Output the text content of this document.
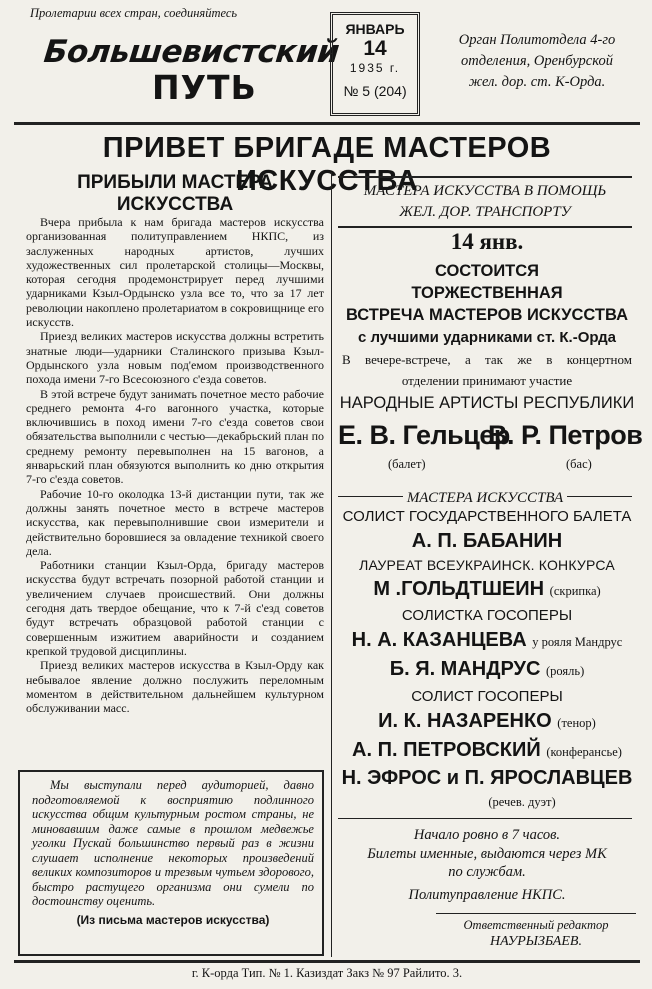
Пролетарии всех стран, соединяйтесь
Большевистский
ПУТЬ
ЯНВАРЬ
14
1935 г.
№ 5 (204)
Орган Политотдела 4-го
отделения, Оренбурской
жел. дор. ст. К-Орда.
ПРИВЕТ БРИГАДЕ МАСТЕРОВ ИСКУССТВА
ПРИБЫЛИ МАСТЕРА ИСКУССТВА

Вчера прибыла к нам бригада мастеров искусства организованная политуправлением НКПС, из заслуженных народных артистов, лучших художественных сил пролетарской столицы—Москвы, которая сегодня продемонстрирует перед лучшими ударниками Кзыл-Ордынско узла все то, что за 17 лет революции накоплено пролетариатом в сокровищнице его искусств.

Приезд великих мастеров искусства должны встретить знатные люди—ударники Сталинского призыва Кзыл-Ордынского узла новым под'емом производственного похода имени 7-го Всесоюзного с'езда советов.

В этой встрече будут занимать почетное место рабочие среднего ремонта 4-го вагонного участка, которые включившись в поход имени 7-го с'езда советов свои обязательства выполнили с честью—декабрьский план по среднему ремонту перевыполнен на 15 вагонов, а январьский план обязуются выполнить ко дню открытия 7-го с'езда советов.

Рабочие 10-го околодка 13-й дистанции пути, так же должны занять почетное место в встрече мастеров искусства, как перевыполнившие свои измерители и действительно боровшиеся за овладение техникой своего дела.

Работники станции Кзыл-Орда, бригаду мастеров искусства будут встречать позорной работой станции и увеличением случаев происшествий. Они должны сегодня дать твердое обещание, что к 7-й с'езд советов будут встречать образцовой работой станции с совершенным изжитием аварийности и созданием крепкой трудовой дисциплины.

Приезд великих мастеров искусства в Кзыл-Орду как небывалое явление должно послужить переломным моментом в действительном дальнейшем культурном обслуживании масс.

Мы выступали перед аудиторией, давно подготовляемой к восприятию подлинного искусства общим культурным ростом страны, не миновавшим даже самые в прошлом медвежье уголки Пускай большинство первый раз в жизни слушает исполнение некоторых произведений великих композиторов и трезвым чутьем здорового, быстро растущего организма они сумели по достоинству оценить.
(Из письма мастеров искусства)
МАСТЕРА ИСКУССТВА В ПОМОЩЬ
ЖЕЛ. ДОР. ТРАНСПОРТУ
14 янв.
СОСТОИТСЯ
ТОРЖЕСТВЕННАЯ
ВСТРЕЧА МАСТЕРОВ ИСКУССТВА
с лучшими ударниками ст. К.-Орда
В вечере-встрече, а так же в концертном
отделении принимают участие
НАРОДНЫЕ АРТИСТЫ РЕСПУБЛИКИ
Е. В. Гельцер
В. Р. Петров
(балет)	(бас)
МАСТЕРА ИСКУССТВА
СОЛИСТ ГОСУДАРСТВЕННОГО БАЛЕТА
А. П. БАБАНИН
ЛАУРЕАТ ВСЕУКРАИНСК. КОНКУРСА
М .ГОЛЬДТШЕИН (скрипка)
СОЛИСТКА ГОСОПЕРЫ
Н. А. КАЗАНЦЕВА у рояля Мандрус
Б. Я. МАНДРУС (рояль)
СОЛИСТ ГОСОПЕРЫ
И. К. НАЗАРЕНКО (тенор)
А. П. ПЕТРОВСКИЙ (конферансье)
Н. ЭФРОС и П. ЯРОСЛАВЦЕВ
(речев. дуэт)
Начало ровно в 7 часов.
Билеты именные, выдаются через МК
по службам.
Политуправление НКПС.
Ответственный редактор
НАУРЫЗБАЕВ.
г. К-орда Тип. № 1. Казиздат Закз № 97 Райлито. 3.
